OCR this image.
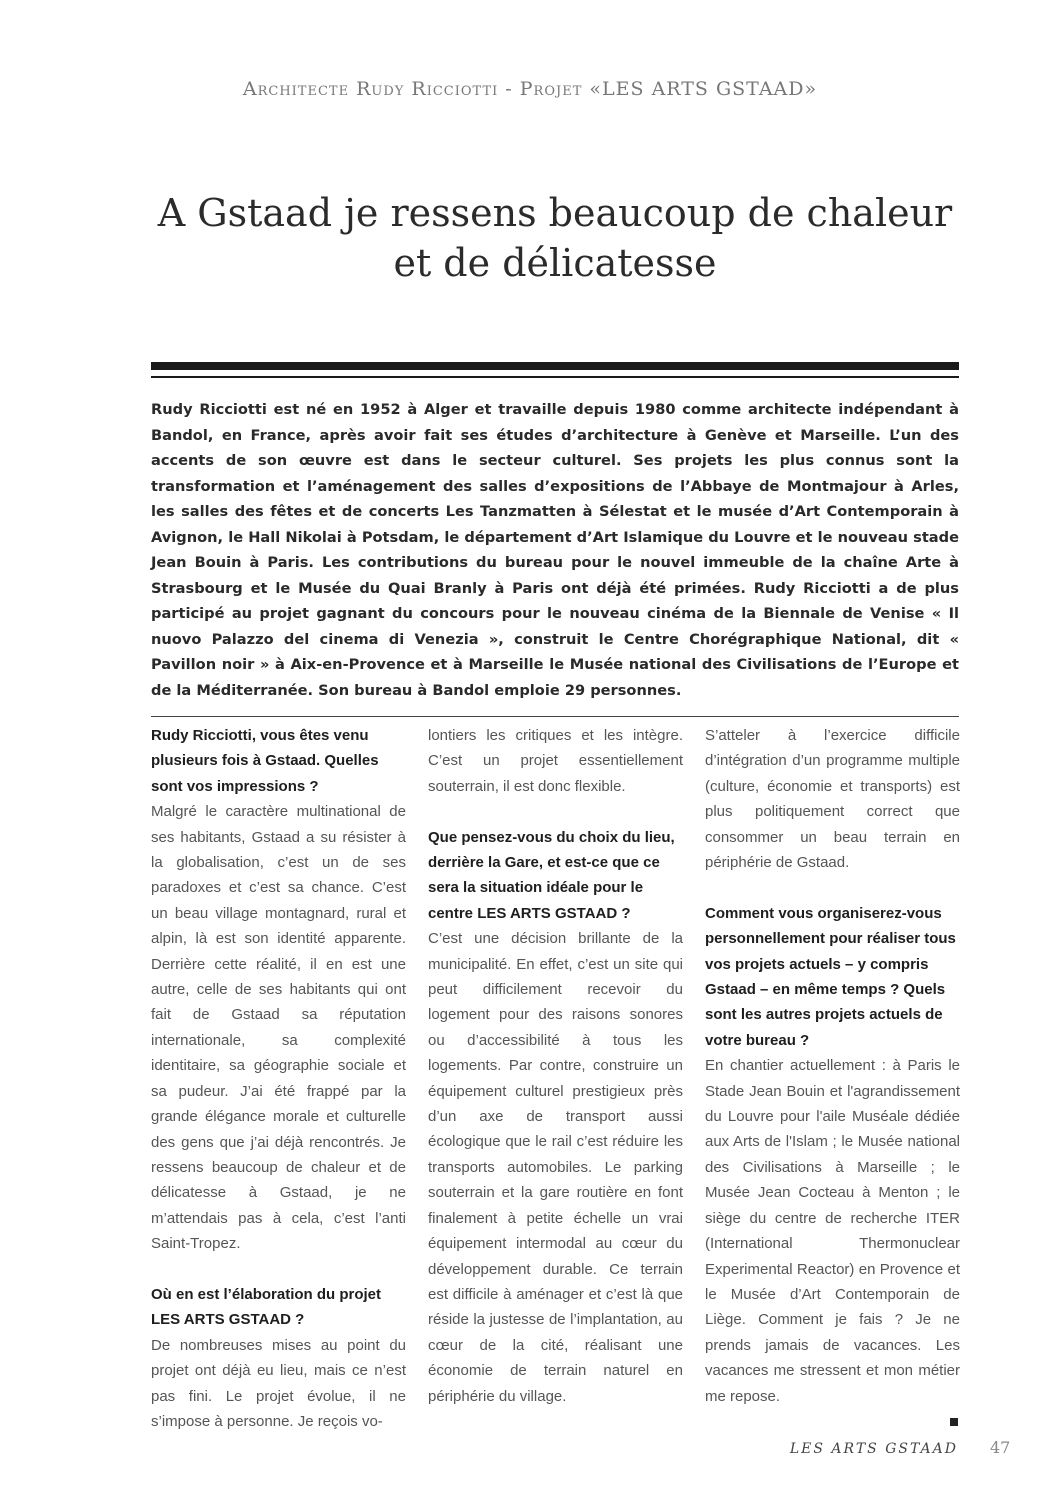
Architecte Rudy Ricciotti - Projet «LES ARTS GSTAAD»
A Gstaad je ressens beaucoup de chaleur
et de délicatesse

Rudy Ricciotti est né en 1952 à Alger et travaille depuis 1980 comme architecte indépendant à Bandol, en France, après avoir fait ses études d’architecture à Genève et Marseille. L’un des accents de son œuvre est dans le secteur culturel. Ses projets les plus connus sont la transformation et l’aménagement des salles d’expositions de l’Abbaye de Montmajour à Arles, les salles des fêtes et de concerts Les Tanzmatten à Sélestat et le musée d’Art Contemporain à Avignon, le Hall Nikolai à Potsdam, le département d’Art Islamique du Louvre et le nouveau stade Jean Bouin à Paris. Les contributions du bureau pour le nouvel immeuble de la chaîne Arte à Strasbourg et le Musée du Quai Branly à Paris ont déjà été primées. Rudy Ricciotti a de plus participé au projet gagnant du concours pour le nouveau cinéma de la Biennale de Venise « Il nuovo Palazzo del cinema di Venezia », construit le Centre Chorégraphique National, dit « Pavillon noir » à Aix-en-Provence et à Marseille le Musée national des Civilisations de l’Europe et de la Méditerranée. Son bureau à Bandol emploie 29 personnes.

Rudy Ricciotti, vous êtes venu plusieurs fois à Gstaad. Quelles sont vos impressions ?

Malgré le caractère multinational de ses habitants, Gstaad a su résister à la globalisation, c’est un de ses paradoxes et c’est sa chance. C’est un beau village montagnard, rural et alpin, là est son identité apparente. Derrière cette réalité, il en est une autre, celle de ses habitants qui ont fait de Gstaad sa réputation internationale, sa complexité identitaire, sa géographie sociale et sa pudeur. J’ai été frappé par la grande élégance morale et culturelle des gens que j’ai déjà rencontrés. Je ressens beaucoup de chaleur et de délicatesse à Gstaad, je ne m’attendais pas à cela, c’est l’anti Saint-Tropez.

Où en est l’élaboration du projet LES ARTS GSTAAD ?

De nombreuses mises au point du projet ont déjà eu lieu, mais ce n’est pas fini. Le projet évolue, il ne s’impose à personne. Je reçois vo-

lontiers les critiques et les intègre. C’est un projet essentiellement souterrain, il est donc flexible.

Que pensez-vous du choix du lieu, derrière la Gare, et est-ce que ce sera la situation idéale pour le centre LES ARTS GSTAAD ?

C’est une décision brillante de la municipalité. En effet, c’est un site qui peut difficilement recevoir du logement pour des raisons sonores ou d’accessibilité à tous les logements. Par contre, construire un équipement culturel prestigieux près d’un axe de transport aussi écologique que le rail c’est réduire les transports automobiles. Le parking souterrain et la gare routière en font finalement à petite échelle un vrai équipement intermodal au cœur du développement durable. Ce terrain est difficile à aménager et c’est là que réside la justesse de l’implantation, au cœur de la cité, réalisant une économie de terrain naturel en périphérie du village.

S’atteler à l’exercice difficile d’intégration d’un programme multiple (culture, économie et transports) est plus politiquement correct que consommer un beau terrain en périphérie de Gstaad.

Comment vous organiserez-vous personnellement pour réaliser tous vos projets actuels – y compris Gstaad – en même temps ? Quels sont les autres projets actuels de votre bureau ?

En chantier actuellement : à Paris le Stade Jean Bouin et l'agrandissement du Louvre pour l'aile Muséale dédiée aux Arts de l'Islam ; le Musée national des Civilisations à Marseille ; le Musée Jean Cocteau à Menton ; le siège du centre de recherche ITER (International Thermonuclear Experimental Reactor) en Provence et le Musée d’Art Contemporain de Liège. Comment je fais ? Je ne prends jamais de vacances. Les vacances me stressent et mon métier me repose.

LES ARTS GSTAAD 47
